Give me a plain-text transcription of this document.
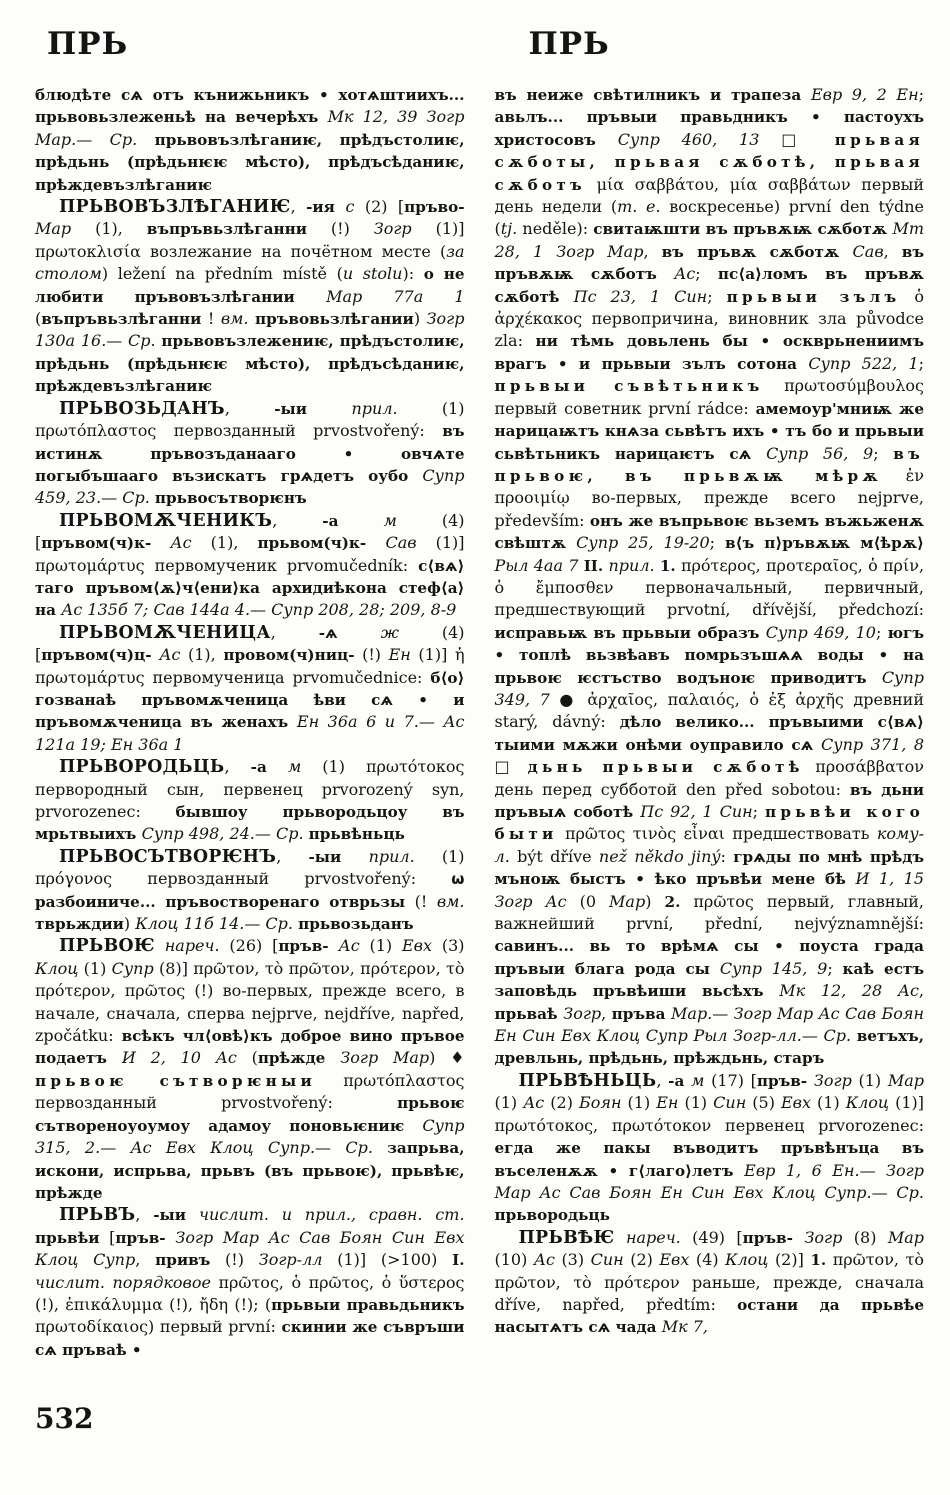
ПРЬ

блюдѣте сѧ отъ кънижьникъ • хотѧштиихъ... прьвовьзлеженьѣ на вечерѣхъ Мк 12, 39 Зогр Мар.— Ср. прьвовъзлѣганиѥ, прѣдъстолиѥ, прѣдьнь (прѣдьнѥѥ мѣсто), прѣдъсѣданиѥ, прѣждевъзлѣганиѥ

ПРЬВОВЪЗЛѢГАНИѤ, -ия с (2) [пръво- Мар (1), въпръвьзлѣганни (!) Зогр (1)] πρωτοκλισία возлежание на почётном месте (за столом) ležení na předním místě (u stolu): о не любити пръвовъзлѣгании Мар 77а 1 (въпръвьзлѣганни ! вм. пръвовьзлѣгании) Зогр 130а 16.— Ср. прьвовъзлежениѥ, прѣдъстолиѥ, прѣдьнь (прѣдьнѥѥ мѣсто), прѣдъсѣданиѥ, прѣждевъзлѣганиѥ

ПРЬВОЗЬДАНЪ, -ыи прил. (1) πρωτόπλαστος первозданный prvostvořený: въ истинѫ пръвозъданааго • овчѧте погыбъшааго възискатъ грѧдетъ оубо Супр 459, 23.— Ср. прьвосътворѥнъ

ПРЬВОМѪЧЕНИКЪ, -а м (4) [пръвом(ч)к- Ас (1), прьвом(ч)к- Сав (1)] πρωτομάρτυς первомученик prvomučedník: с⟨вѧ⟩таго пръвом⟨ѫ⟩ч⟨ени⟩ка архидиѣкона стеф⟨а⟩на Ас 135б 7; Сав 144а 4.— Супр 208, 28; 209, 8-9

ПРЬВОМѪЧЕНИЦА, -ѧ ж (4) [пръвом(ч)ц- Ас (1), провом(ч)ниц- (!) Ен (1)] ἡ πρωτομάρτυς первомученица prvomučednice: б⟨о⟩гозванаѣ пръвомѫченица ѣви сѧ • и пръвомѫченица въ женахъ Ен 36а 6 и 7.— Ас 121а 19; Ен 36а 1

ПРЬВОРОДЬЦЬ, -а м (1) πρωτότοκος первородный сын, первенец prvorozený syn, prvorozenec: бывшоу прьвородьцоу въ мрьтвыихъ Супр 498, 24.— Ср. прьвѣньць

ПРЬВОСЪТВОРѤНЪ, -ыи прил. (1) πρόγονος первозданный prvostvořený: ѡ разбоиниче... пръвостворенаго отврьзы (! вм. тврьждии) Клоц 11б 14.— Ср. прьвозьданъ

ПРЬВОѤ нареч. (26) [пръв- Ас (1) Евх (3) Клоц (1) Супр (8)] πρῶτον, τὸ πρῶτον, πρότερον, τὸ πρότερον, πρῶτος (!) во-первых, прежде всего, в начале, сначала, сперва nejprve, nejdříve, napřed, zpočátku: всѣкъ чл⟨овѣ⟩къ доброе вино пръвое подаетъ И 2, 10 Ас (прѣжде Зогр Мар) ♦ прьвоѥ сътворѥныи πρωτόπλαστος первозданный prvostvořený: прьвоѥ сътвореноуоумоу адамоу поновьѥниѥ Супр 315, 2.— Ас Евх Клоц Супр.— Ср. запрьва, искони, испрьва, прьвъ (въ прьвоѥ), прьвѣѥ, прѣжде

ПРЬВЪ, -ыи числит. и прил., сравн. ст. прьвѣи [пръв- Зогр Мар Ас Сав Боян Син Евх Клоц Супр, привъ (!) Зогр-лл (1)] (>100) I. числит. порядковое πρῶτος, ὁ πρῶτος, ὁ ὕστερος (!), ἐπικάλυμμα (!), ἤδη (!); (прьвыи правьдьникъ πρωτοδίκαιος) первый první: скинии же съвръши сѧ пръваѣ •

ПРЬ

въ неиже свѣтилникъ и трапеза Евр 9, 2 Ен; авьлъ... пръвыи правьдникъ • пастоухъ христосовъ Супр 460, 13 □ прьвая сѫботы, прьвая сѫботѣ, прьвая сѫботъ μία σαββάτου, μία σαββάτων первый день недели (т. е. воскресенье) první den týdne (tj. neděle): свитаѭшти въ пръвѫѭ сѫботѫ Мт 28, 1 Зогр Мар, въ пръвѫ сѫботѫ Сав, въ пръвѫѭ сѫботъ Ас; пс⟨а⟩ломъ въ пръвѫ сѫботѣ Пс 23, 1 Син; прьвыи зълъ ὁ ἀρχέκακος первопричина, виновник зла původce zla: ни тѣмь довьлень бы • оскврьнениимъ врагъ • и прьвыи зълъ сотона Супр 522, 1; прьвыи съвѣтьникъ πρωτοσύμβουλος первый советник první rádce: амемоур'мниѭ же нарицаѭтъ кнѧза сьвѣтъ ихъ • тъ бо и прьвыи сьвѣтьникъ нарицаѥтъ сѧ Супр 56, 9; въ прьвоѥ, въ прьвѫѭ мѣрѫ ἐν προοιμίῳ во-первых, прежде всего nejprve, především: онъ же въпрьвоѥ вьземъ въжьженѫ свѣштѫ Супр 25, 19-20; в⟨ъ п⟩ръвѫѭ м⟨ѣрѫ⟩ Рыл 4аа 7 II. прил. 1. πρότερος, προτεραῖος, ὁ πρίν, ὁ ἔμποσθεν первоначальный, первичный, предшествующий prvotní, dřívější, předchozí: исправьѭ въ прьвыи образъ Супр 469, 10; югъ • топлѣ вьзвѣавъ помрьзъшѧѧ воды • на прьвоѥ ѥстъство водъноѥ приводитъ Супр 349, 7 ● ἀρχαῖος, παλαιός, ὁ ἐξ ἀρχῆς древний starý, dávný: дѣло велико... пръвыими с⟨вѧ⟩тыими мѫжи онѣми оуправило сѧ Супр 371, 8 □ дьнь прьвыи сѫботѣ προσάββατον день перед субботой den před sobotou: въ дьни пръвыѧ соботѣ Пс 92, 1 Син; прьвѣи кого быти πρῶτος τινὸς εἶναι предшествовать кому-л. být dříve než někdo jiný: грѧды по мнѣ прѣдъ мъноѭ быстъ • ѣко пръвѣи мене бѣ И 1, 15 Зогр Ас (0 Мар) 2. πρῶτος первый, главный, важнейший první, přední, nejvýznamnější: савинъ... вь то врѣмѧ сы • поуста града пръвыи блага рода сы Супр 145, 9; каѣ естъ заповѣдь пръвѣиши вьсѣхъ Мк 12, 28 Ас, прьваѣ Зогр, пръва Мар.— Зогр Мар Ас Сав Боян Ен Син Евх Клоц Супр Рыл Зогр-лл.— Ср. ветъхъ, древльнь, прѣдьнь, прѣждьнь, старъ

ПРЬВѢНЬЦЬ, -а м (17) [пръв- Зогр (1) Мар (1) Ас (2) Боян (1) Ен (1) Син (5) Евх (1) Клоц (1)] πρωτότοκος, πρωτότοκον первенец prvorozenec: егда же пакы въводитъ пръвѣнъца въ въселенѫѫ • г⟨лаго⟩летъ Евр 1, 6 Ен.— Зогр Мар Ас Сав Боян Ен Син Евх Клоц Супр.— Ср. прьвородьць

ПРЬВѢѤ нареч. (49) [пръв- Зогр (8) Мар (10) Ас (3) Син (2) Евх (4) Клоц (2)] 1. πρῶτον, τὸ πρῶτον, τὸ πρότερον раньше, прежде, сначала dříve, napřed, předtím: остани да прьвѣе насытѧтъ сѧ чада Мк 7,

532
